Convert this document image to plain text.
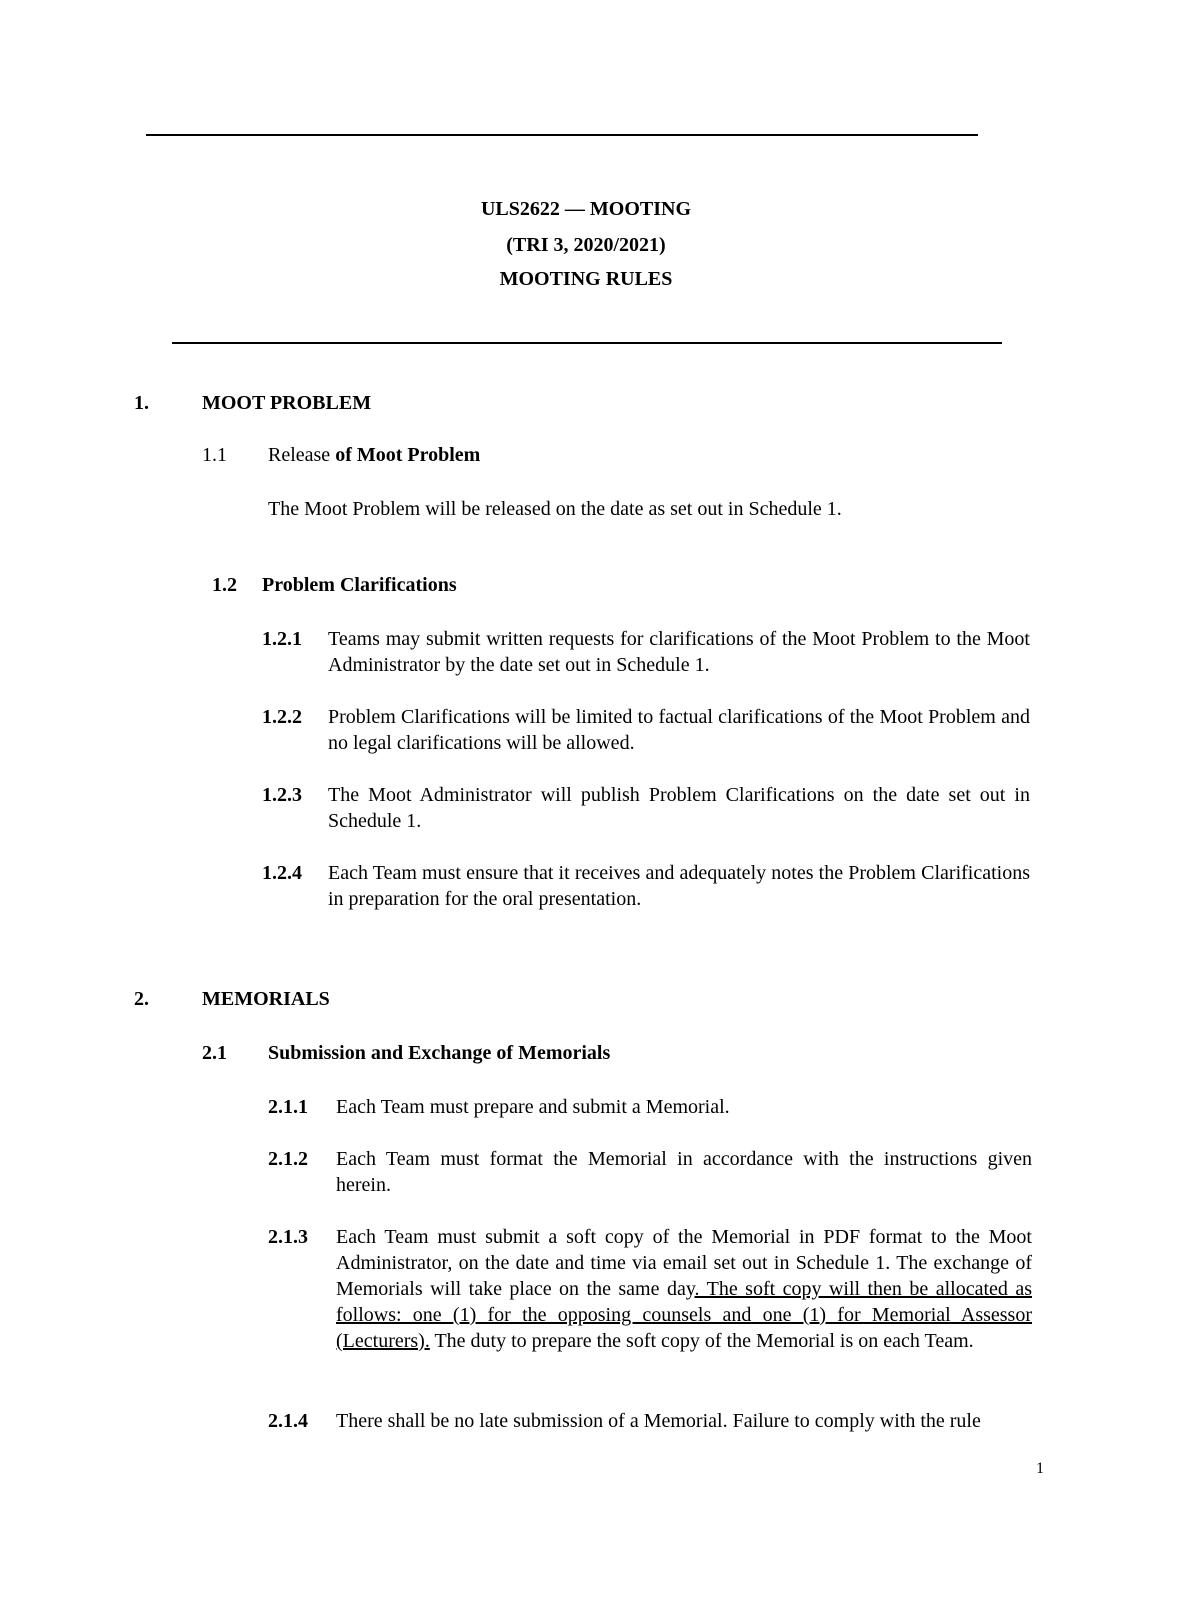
ULS2622 — MOOTING
(TRI 3, 2020/2021)
MOOTING RULES
1.	MOOT PROBLEM
1.1 Release of Moot Problem
The Moot Problem will be released on the date as set out in Schedule 1.
1.2 Problem Clarifications
1.2.1 Teams may submit written requests for clarifications of the Moot Problem to the Moot Administrator by the date set out in Schedule 1.
1.2.2 Problem Clarifications will be limited to factual clarifications of the Moot Problem and no legal clarifications will be allowed.
1.2.3 The Moot Administrator will publish Problem Clarifications on the date set out in Schedule 1.
1.2.4 Each Team must ensure that it receives and adequately notes the Problem Clarifications in preparation for the oral presentation.
2.	MEMORIALS
2.1 Submission and Exchange of Memorials
2.1.1 Each Team must prepare and submit a Memorial.
2.1.2 Each Team must format the Memorial in accordance with the instructions given herein.
2.1.3 Each Team must submit a soft copy of the Memorial in PDF format to the Moot Administrator, on the date and time via email set out in Schedule 1. The exchange of Memorials will take place on the same day. The soft copy will then be allocated as follows: one (1) for the opposing counsels and one (1) for Memorial Assessor (Lecturers). The duty to prepare the soft copy of the Memorial is on each Team.
2.1.4 There shall be no late submission of a Memorial. Failure to comply with the rule
1
